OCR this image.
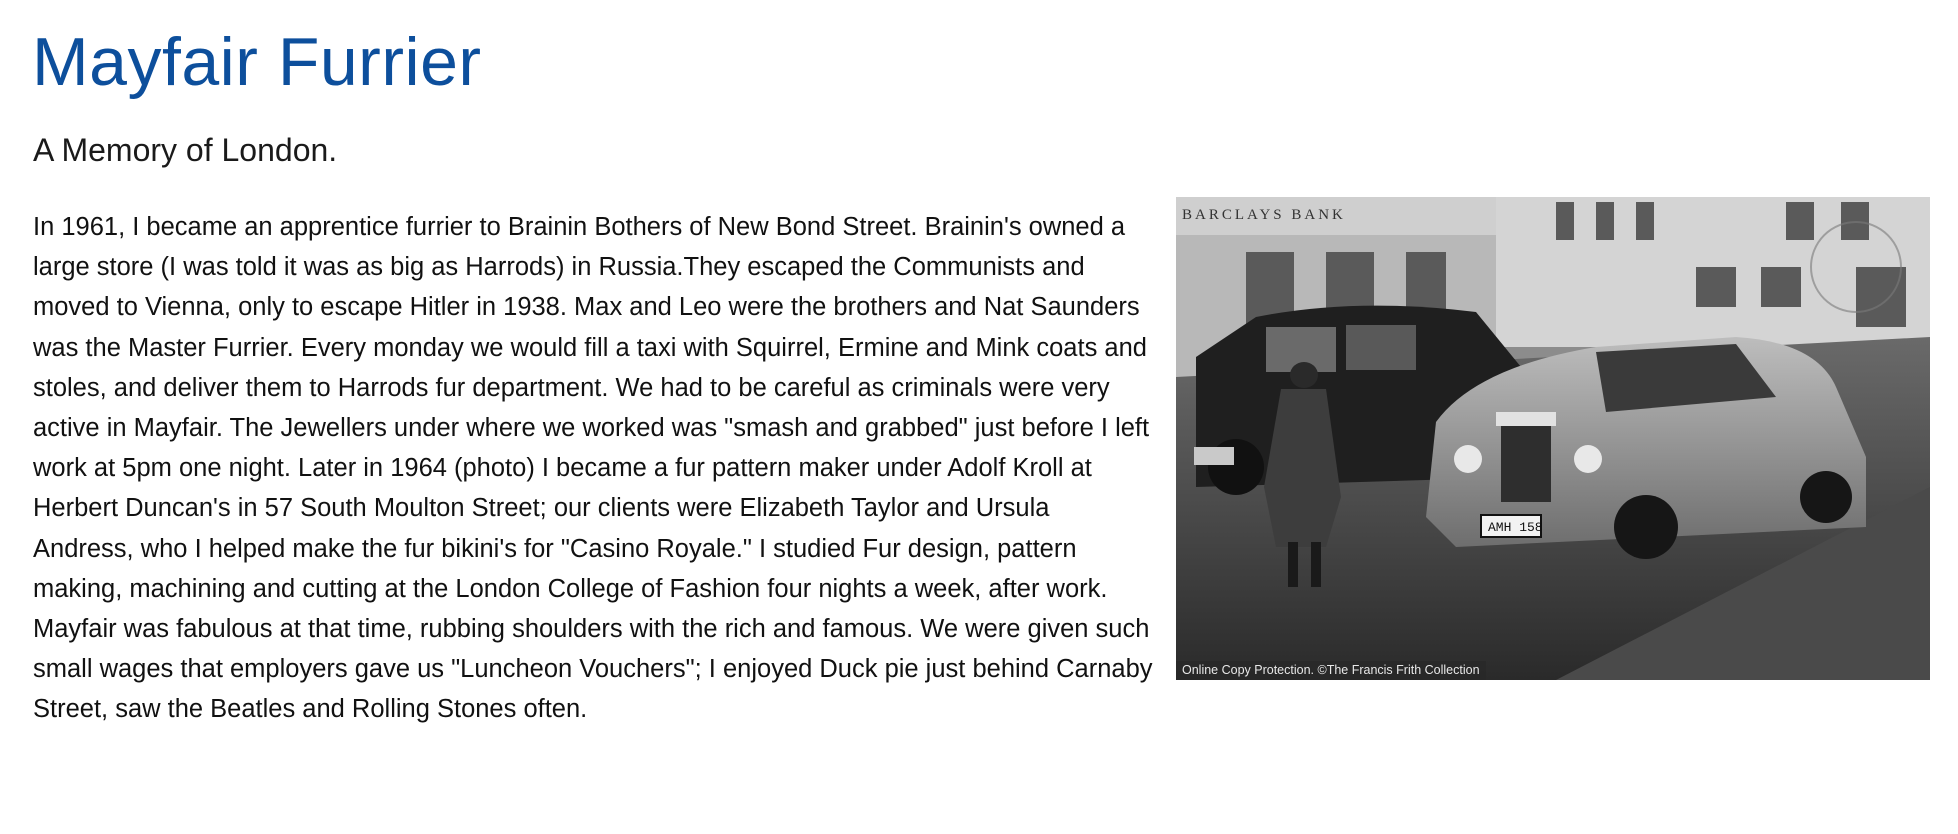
Mayfair Furrier
A Memory of London.

In 1961, I became an apprentice furrier to Brainin Bothers of New Bond Street. Brainin's owned a large store (I was told it was as big as Harrods) in Russia.They escaped the Communists and moved to Vienna, only to escape Hitler in 1938. Max and Leo were the brothers and Nat Saunders was the Master Furrier. Every monday we would fill a taxi with Squirrel, Ermine and Mink coats and stoles, and deliver them to Harrods fur department. We had to be careful as criminals were very active in Mayfair. The Jewellers under where we worked was "smash and grabbed" just before I left work at 5pm one night. Later in 1964 (photo) I became a fur pattern maker under Adolf Kroll at Herbert Duncan's in 57 South Moulton Street; our clients were Elizabeth Taylor and Ursula Andress, who I helped make the fur bikini's for "Casino Royale." I studied Fur design, pattern making, machining and cutting at the London College of Fashion four nights a week, after work.

Mayfair was fabulous at that time, rubbing shoulders with the rich and famous. We were given such small wages that employers gave us "Luncheon Vouchers"; I enjoyed Duck pie just behind Carnaby Street, saw the Beatles and Rolling Stones often.

BARCLAYS BANK
AMH 158
Online Copy Protection. ©The Francis Frith Collection
